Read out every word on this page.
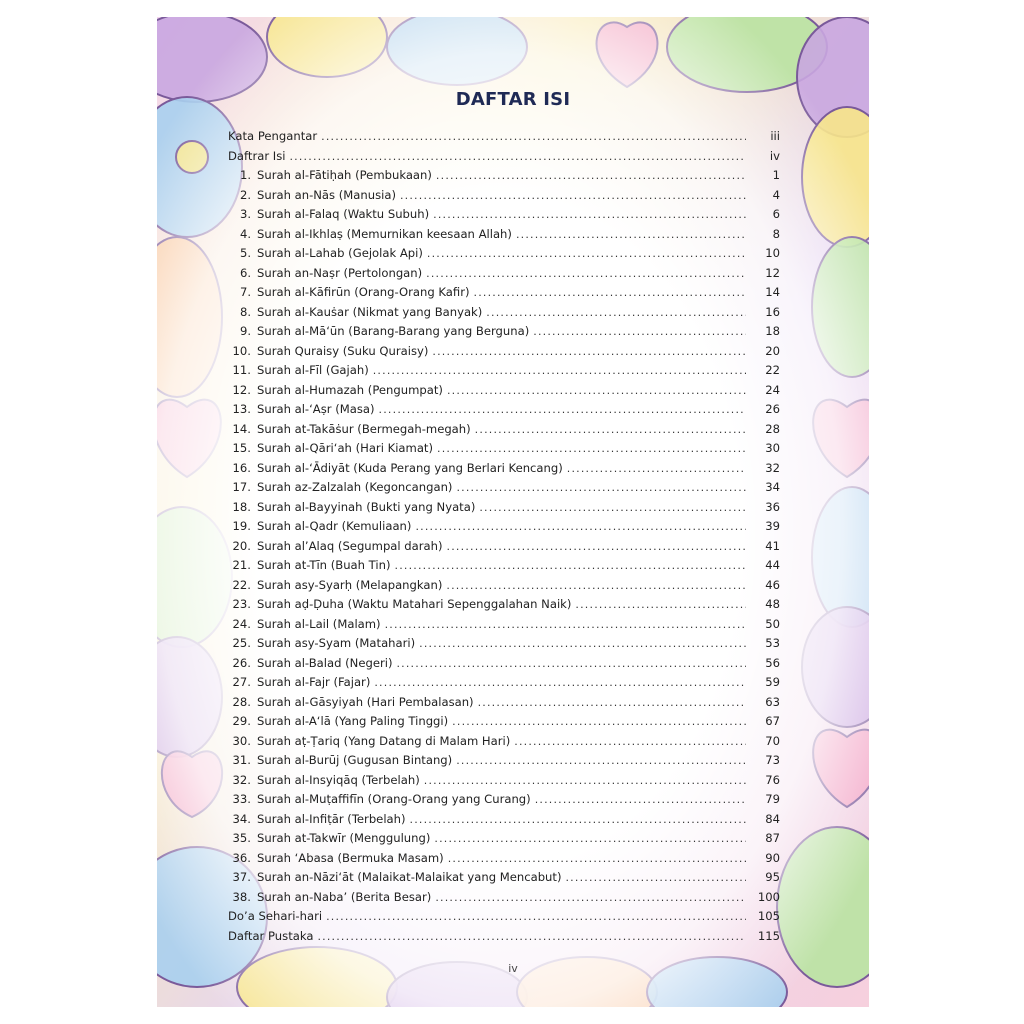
DAFTAR ISI
Kata Pengantar .....	iii
Daftrar Isi .....	iv
1. Surah al-Fātiḥah (Pembukaan) .....	1
2. Surah an-Nās (Manusia) .....	4
3. Surah al-Falaq (Waktu Subuh) .....	6
4. Surah al-Ikhlaṣ (Memurnikan keesaan Allah) .....	8
5. Surah al-Lahab (Gejolak Api) .....	10
6. Surah an-Naṣr (Pertolongan) .....	12
7. Surah al-Kāfirūn (Orang-Orang Kafir) .....	14
8. Surah al-Kauṡar (Nikmat yang Banyak) .....	16
9. Surah al-Mā‘ūn (Barang-Barang yang Berguna) .....	18
10. Surah Quraisy (Suku Quraisy) .....	20
11. Surah al-Fīl (Gajah) .....	22
12. Surah al-Humazah (Pengumpat) .....	24
13. Surah al-‘Aṣr (Masa) .....	26
14. Surah at-Takāṡur (Bermegah-megah) .....	28
15. Surah al-Qāri‘ah (Hari Kiamat) .....	30
16. Surah al-‘Ādiyāt (Kuda Perang yang Berlari Kencang) .....	32
17. Surah az-Zalzalah (Kegoncangan) .....	34
18. Surah al-Bayyinah (Bukti yang Nyata) .....	36
19. Surah al-Qadr (Kemuliaan) .....	39
20. Surah al’Alaq (Segumpal darah) .....	41
21. Surah at-Tīn (Buah Tin) .....	44
22. Surah asy-Syarḥ (Melapangkan) .....	46
23. Surah aḍ-Ḍuha (Waktu Matahari Sepenggalahan Naik) .....	48
24. Surah al-Lail (Malam) .....	50
25. Surah asy-Syam (Matahari) .....	53
26. Surah al-Balad (Negeri) .....	56
27. Surah al-Fajr (Fajar) .....	59
28. Surah al-Gāsyiyah (Hari Pembalasan) .....	63
29. Surah al-A‘lā (Yang Paling Tinggi) .....	67
30. Surah aṭ-Ṭariq (Yang Datang di Malam Hari) .....	70
31. Surah al-Burūj (Gugusan Bintang) .....	73
32. Surah al-Insyiqāq (Terbelah) .....	76
33. Surah al-Muṭaffifīn (Orang-Orang yang Curang) .....	79
34. Surah al-Infiṭār (Terbelah) .....	84
35. Surah at-Takwīr (Menggulung) .....	87
36. Surah ‘Abasa (Bermuka Masam) .....	90
37. Surah an-Nāzi‘āt (Malaikat-Malaikat yang Mencabut) .....	95
38. Surah an-Naba’ (Berita Besar) .....	100
Do’a Sehari-hari .....	105
Daftar Pustaka .....	115
iv
